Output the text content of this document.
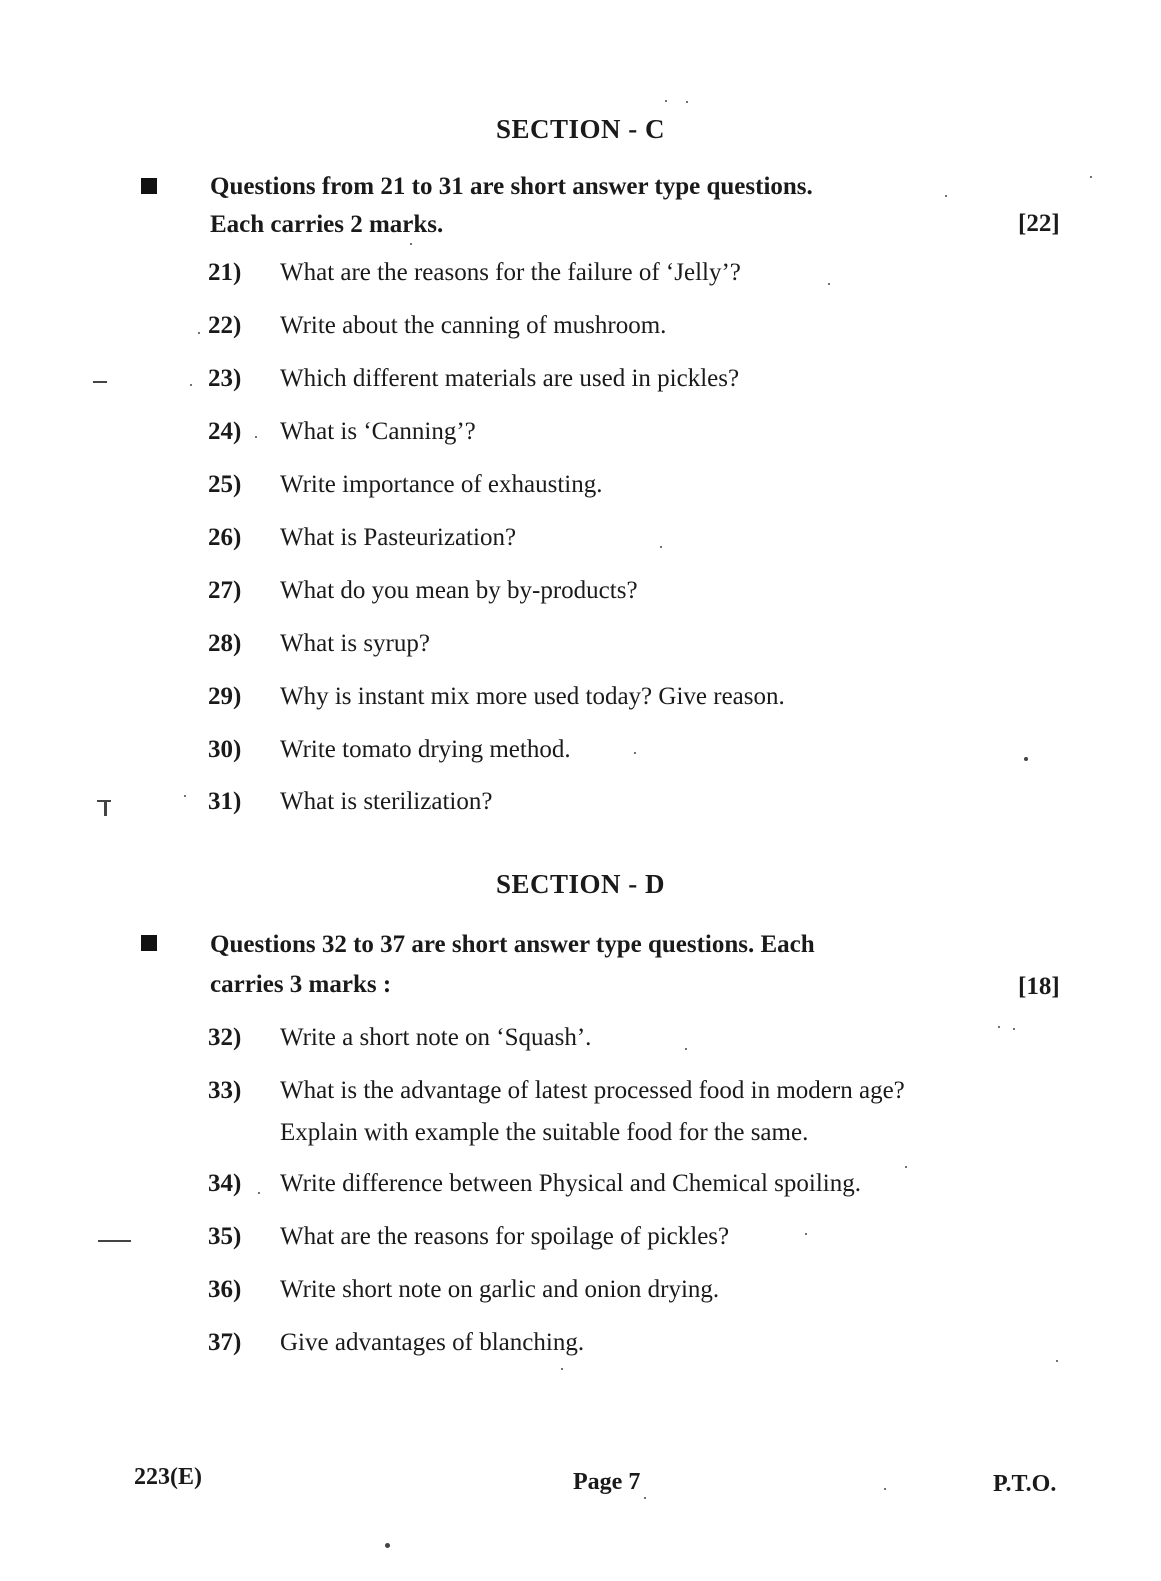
SECTION - C
Questions from 21 to 31 are short answer type questions.
Each carries 2 marks.	[22]
21)	What are the reasons for the failure of ‘Jelly’?
22)	Write about the canning of mushroom.
23)	Which different materials are used in pickles?
24)	What is ‘Canning’?
25)	Write importance of exhausting.
26)	What is Pasteurization?
27)	What do you mean by by-products?
28)	What is syrup?
29)	Why is instant mix more used today? Give reason.
30)	Write tomato drying method.
31)	What is sterilization?
SECTION - D
Questions 32 to 37 are short answer type questions. Each
carries 3 marks :	[18]
32)	Write a short note on ‘Squash’.
33)	What is the advantage of latest processed food in modern age? Explain with example the suitable food for the same.
34)	Write difference between Physical and Chemical spoiling.
35)	What are the reasons for spoilage of pickles?
36)	Write short note on garlic and onion drying.
37)	Give advantages of blanching.
223(E)	Page 7	P.T.O.
